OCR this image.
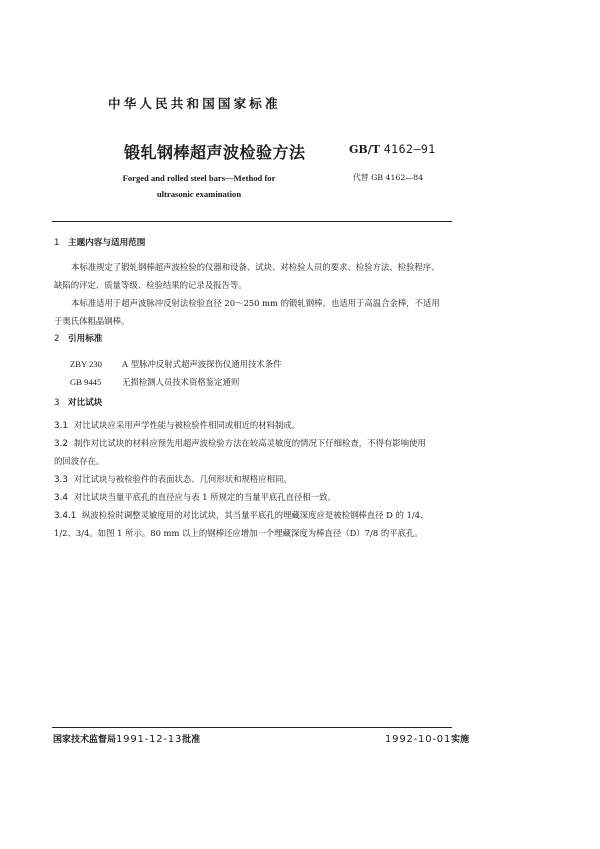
中华人民共和国国家标准
锻轧钢棒超声波检验方法	GB/T 4162—91
Forged and rolled steel bars—Method for
ultrasonic examination
代替 GB 4162—84
1 主题内容与适用范围
本标准规定了锻轧钢棒超声波检验的仪器和设备、试块、对检验人员的要求、检验方法、检验程序、
缺陷的评定、质量等级、检验结果的记录及报告等。
本标准适用于超声波脉冲反射法检验直径 20～250 mm 的锻轧钢棒，也适用于高温合金棒，不适用
于奥氏体粗晶钢棒。
2 引用标准
ZBY 230 A 型脉冲反射式超声波探伤仪通用技术条件
GB 9445 无损检测人员技术资格鉴定通则
3 对比试块
3.1 对比试块应采用声学性能与被检验件相同或相近的材料制成。
3.2 制作对比试块的材料应预先用超声波检验方法在较高灵敏度的情况下仔细检查，不得有影响使用
的回波存在。
3.3 对比试块与被检验件的表面状态、几何形状和规格应相同。
3.4 对比试块当量平底孔的直径应与表 1 所规定的当量平底孔直径相一致。
3.4.1 纵波检验时调整灵敏度用的对比试块，其当量平底孔的埋藏深度应是被检钢棒直径 D 的 1/4、
1/2、3/4。如图 1 所示。80 mm 以上的钢棒还应增加一个埋藏深度为棒直径（D）7/8 的平底孔。
国家技术监督局1991-12-13批准	1992-10-01实施
